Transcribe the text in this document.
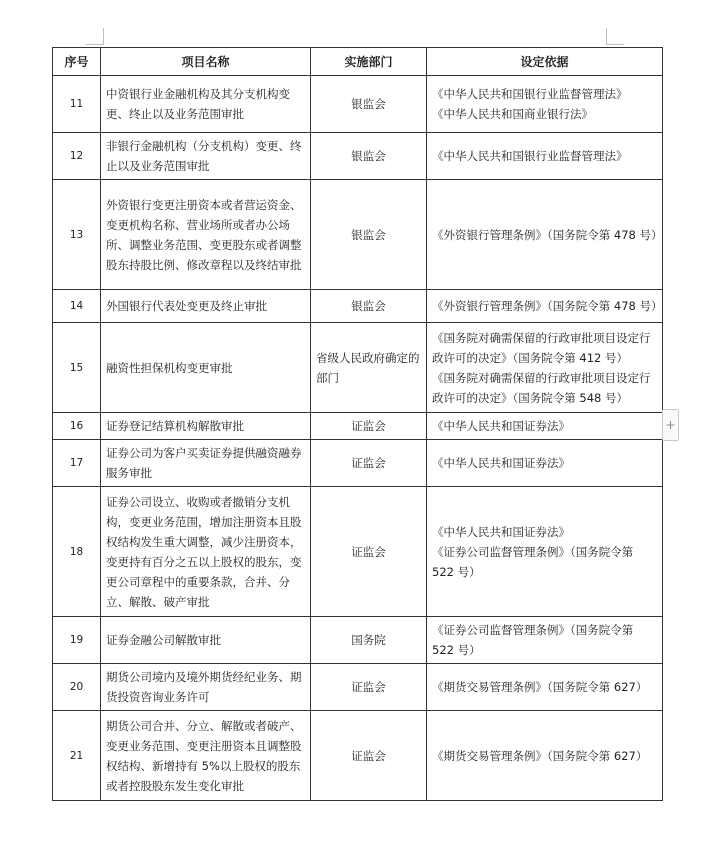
序号	项目名称	实施部门	设定依据
11	中资银行业金融机构及其分支机构变更、终止以及业务范围审批	银监会	《中华人民共和国银行业监督管理法》
《中华人民共和国商业银行法》

12	非银行金融机构（分支机构）变更、终止以及业务范围审批	银监会	《中华人民共和国银行业监督管理法》

13	外资银行变更注册资本或者营运资金、变更机构名称、营业场所或者办公场所、调整业务范围、变更股东或者调整股东持股比例、修改章程以及终结审批	银监会	《外资银行管理条例》（国务院令第 478 号）

14	外国银行代表处变更及终止审批	银监会	《外资银行管理条例》（国务院令第 478 号）

15	融资性担保机构变更审批	省级人民政府确定的部门	《国务院对确需保留的行政审批项目设定行政许可的决定》（国务院令第 412 号）
《国务院对确需保留的行政审批项目设定行政许可的决定》（国务院令第 548 号）

16	证券登记结算机构解散审批	证监会	《中华人民共和国证券法》

17	证券公司为客户买卖证券提供融资融券服务审批	证监会	《中华人民共和国证券法》

18	证券公司设立、收购或者撤销分支机构，变更业务范围，增加注册资本且股权结构发生重大调整，减少注册资本，变更持有百分之五以上股权的股东，变更公司章程中的重要条款，合并、分立、解散、破产审批	证监会	《中华人民共和国证券法》
《证券公司监督管理条例》（国务院令第 522 号）

19	证券金融公司解散审批	国务院	《证券公司监督管理条例》（国务院令第 522 号）

20	期货公司境内及境外期货经纪业务、期货投资咨询业务许可	证监会	《期货交易管理条例》（国务院令第 627）

21	期货公司合并、分立、解散或者破产、变更业务范围、变更注册资本且调整股权结构、新增持有 5%以上股权的股东或者控股股东发生变化审批	证监会	《期货交易管理条例》（国务院令第 627）
+
